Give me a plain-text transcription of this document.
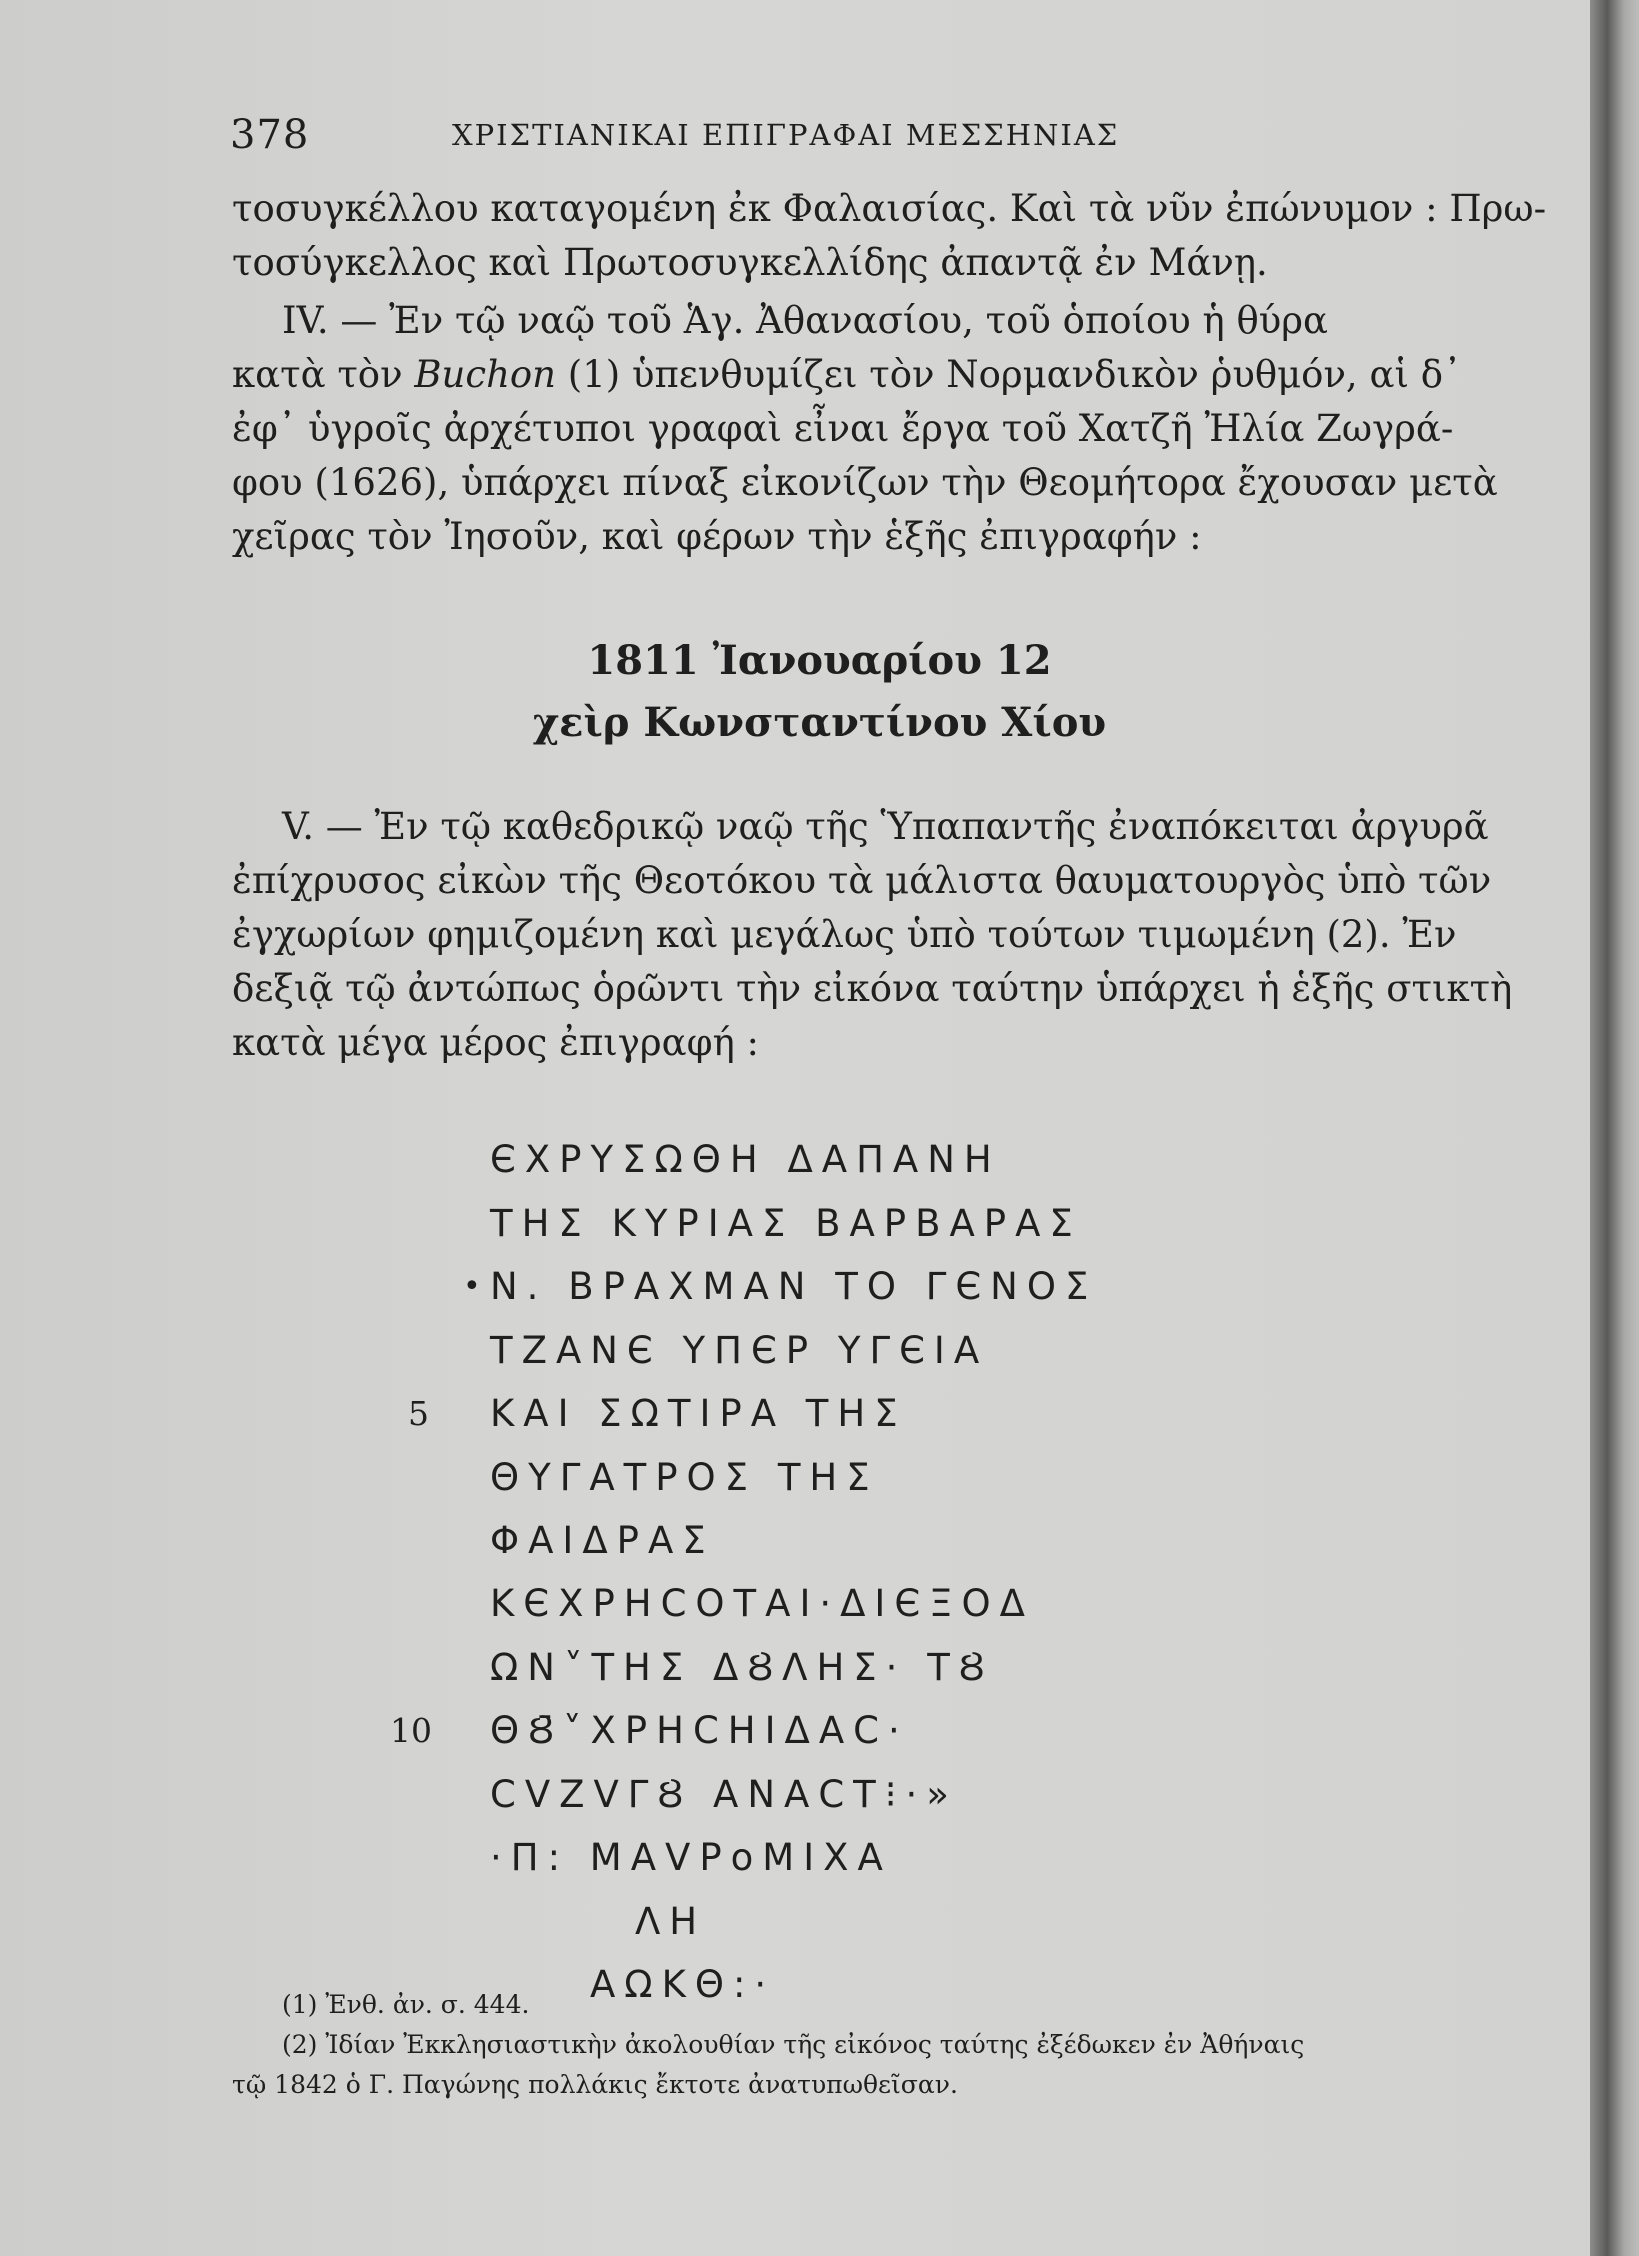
378	ΧΡΙΣΤΙΑΝΙΚΑΙ ΕΠΙΓΡΑΦΑΙ ΜΕΣΣΗΝΙΑΣ
τοσυγκέλλου καταγομένη ἐκ Φαλαισίας. Καὶ τὰ νῦν ἐπώνυμον : Πρω-
τοσύγκελλος καὶ Πρωτοσυγκελλίδης ἀπαντᾷ ἐν Μάνῃ.
IV. — Ἐν τῷ ναῷ τοῦ Ἁγ. Ἀθανασίου, τοῦ ὁποίου ἡ θύρα
κατὰ τὸν Buchon (1) ὑπενθυμίζει τὸν Νορμανδικὸν ῥυθμόν, αἱ δ᾽
ἐφ᾽ ὑγροῖς ἀρχέτυποι γραφαὶ εἶναι ἔργα τοῦ Χατζῆ Ἠλία Ζωγρά-
φου (1626), ὑπάρχει πίναξ εἰκονίζων τὴν Θεομήτορα ἔχουσαν μετὰ
χεῖρας τὸν Ἰησοῦν, καὶ φέρων τὴν ἑξῆς ἐπιγραφήν :
1811 Ἰανουαρίου 12
χεὶρ Κωνσταντίνου Χίου
V. — Ἐν τῷ καθεδρικῷ ναῷ τῆς Ὑπαπαντῆς ἐναπόκειται ἀργυρᾶ
ἐπίχρυσος εἰκὼν τῆς Θεοτόκου τὰ μάλιστα θαυματουργὸς ὑπὸ τῶν
ἐγχωρίων φημιζομένη καὶ μεγάλως ὑπὸ τούτων τιμωμένη (2). Ἐν
δεξιᾷ τῷ ἀντώπως ὁρῶντι τὴν εἰκόνα ταύτην ὑπάρχει ἡ ἑξῆς στικτὴ
κατὰ μέγα μέρος ἐπιγραφή :
ЄΧΡΥΣΩΘΗ ΔΑΠΑΝΗ
ΤΗΣ ΚΥΡΙΑΣ ΒΑΡΒΑΡΑΣ
• Ν. ΒΡΑΧΜΑΝ ΤΟ ΓЄΝΟΣ
ΤΖΑΝЄ ΥΠЄΡ ΥΓЄΙΑ
5 ΚΑΙ ΣΩΤΙΡΑ ΤΗΣ
ΘΥΓΑΤΡΟΣ ΤΗΣ
ΦΑΙΔΡΑΣ
ΚЄΧΡΗϹΟΤΑΙ·ΔΙЄΞΟΔ
ΩΝ˅ΤΗΣ ΔȢΛΗΣ· ΤȢ
10 ΘȢ̄˅ΧΡΗϹΗΙΔΑϹ·
ϹVΖVΓȢ ΑΝΑϹΤ⁝·»
·Π: ΜΑVΡοΜΙΧΑ
ΛΗ
ΑΩΚΘ:·
(1) Ἐνθ. ἀν. σ. 444.
(2) Ἰδίαν Ἐκκλησιαστικὴν ἀκολουθίαν τῆς εἰκόνος ταύτης ἐξέδωκεν ἐν Ἀθήναις
τῷ 1842 ὁ Γ. Παγώνης πολλάκις ἔκτοτε ἀνατυπωθεῖσαν.
